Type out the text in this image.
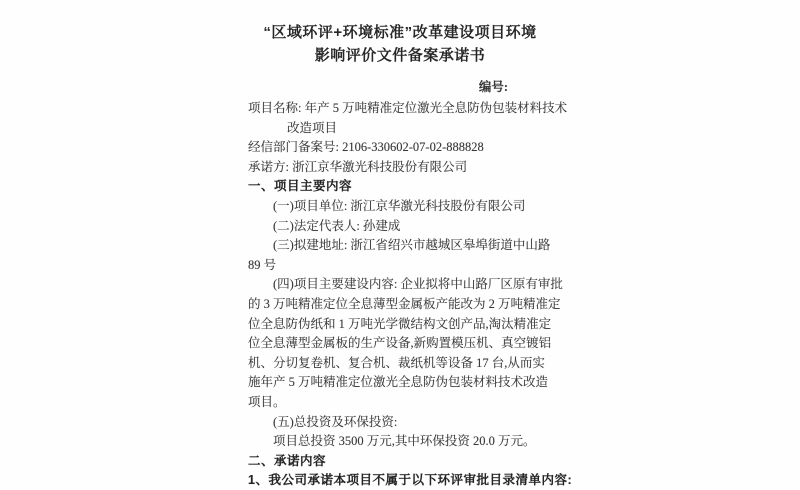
“区域环评+环境标准”改革建设项目环境
影响评价文件备案承诺书
编号:
项目名称: 年产 5 万吨精准定位激光全息防伪包装材料技术
改造项目
经信部门备案号: 2106-330602-07-02-888828
承诺方: 浙江京华激光科技股份有限公司
一、项目主要内容
(一)项目单位: 浙江京华激光科技股份有限公司
(二)法定代表人: 孙建成
(三)拟建地址: 浙江省绍兴市越城区皋埠街道中山路
89 号
(四)项目主要建设内容: 企业拟将中山路厂区原有审批
的 3 万吨精准定位全息薄型金属板产能改为 2 万吨精准定
位全息防伪纸和 1 万吨光学微结构文创产品,淘汰精准定
位全息薄型金属板的生产设备,新购置模压机、真空镀铝
机、分切复卷机、复合机、裁纸机等设备 17 台,从而实
施年产 5 万吨精准定位激光全息防伪包装材料技术改造
项目。
(五)总投资及环保投资:
项目总投资 3500 万元,其中环保投资 20.0 万元。
二、承诺内容
1、我公司承诺本项目不属于以下环评审批目录清单内容:
